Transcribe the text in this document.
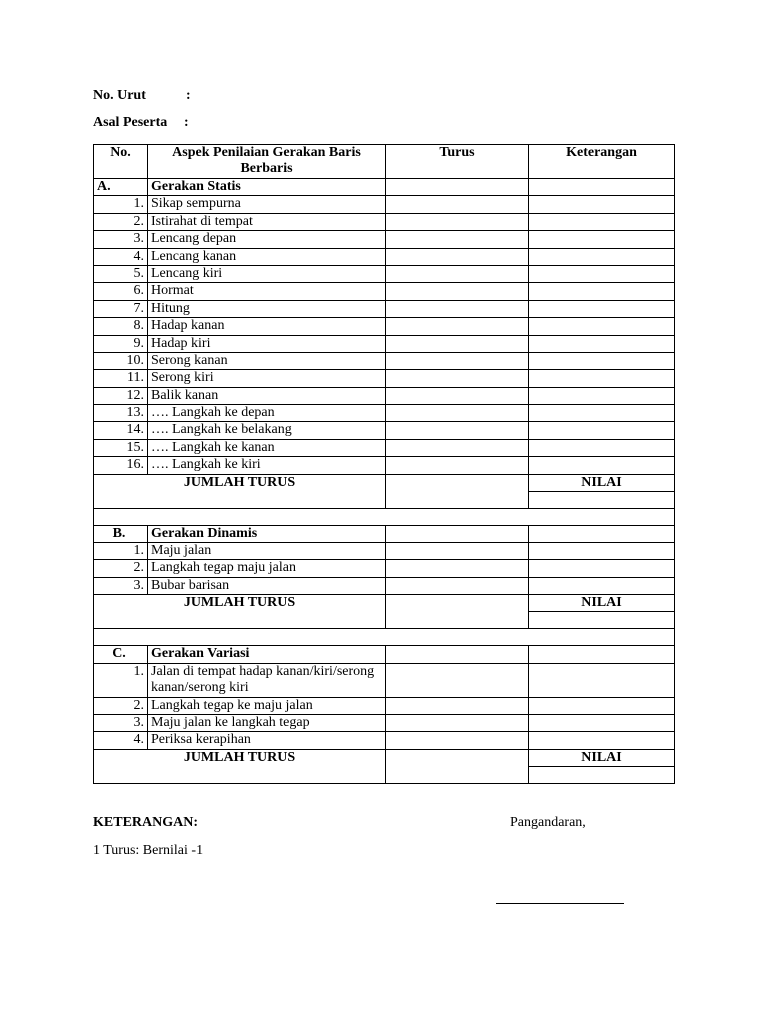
No. Urut	:
Asal Peserta :
No.	Aspek Penilaian Gerakan Baris Berbaris	Turus	Keterangan
A.	Gerakan Statis		
1.	Sikap sempurna		
2.	Istirahat di tempat		
3.	Lencang depan		
4.	Lencang kanan		
5.	Lencang kiri		
6.	Hormat		
7.	Hitung		
8.	Hadap kanan		
9.	Hadap kiri		
10.	Serong kanan		
11.	Serong kiri		
12.	Balik kanan		
13.	…. Langkah ke depan		
14.	…. Langkah ke belakang		
15.	…. Langkah ke kanan		
16.	…. Langkah ke kiri		
JUMLAH TURUS			NILAI

B.	Gerakan Dinamis		
1.	Maju jalan		
2.	Langkah tegap maju jalan		
3.	Bubar barisan		
JUMLAH TURUS			NILAI

C.	Gerakan Variasi		
1.	Jalan di tempat hadap kanan/kiri/serong kanan/serong kiri		
2.	Langkah tegap ke maju jalan		
3.	Maju jalan ke langkah tegap		
4.	Periksa kerapihan		
JUMLAH TURUS			NILAI

KETERANGAN:
1 Turus: Bernilai -1
Pangandaran,
